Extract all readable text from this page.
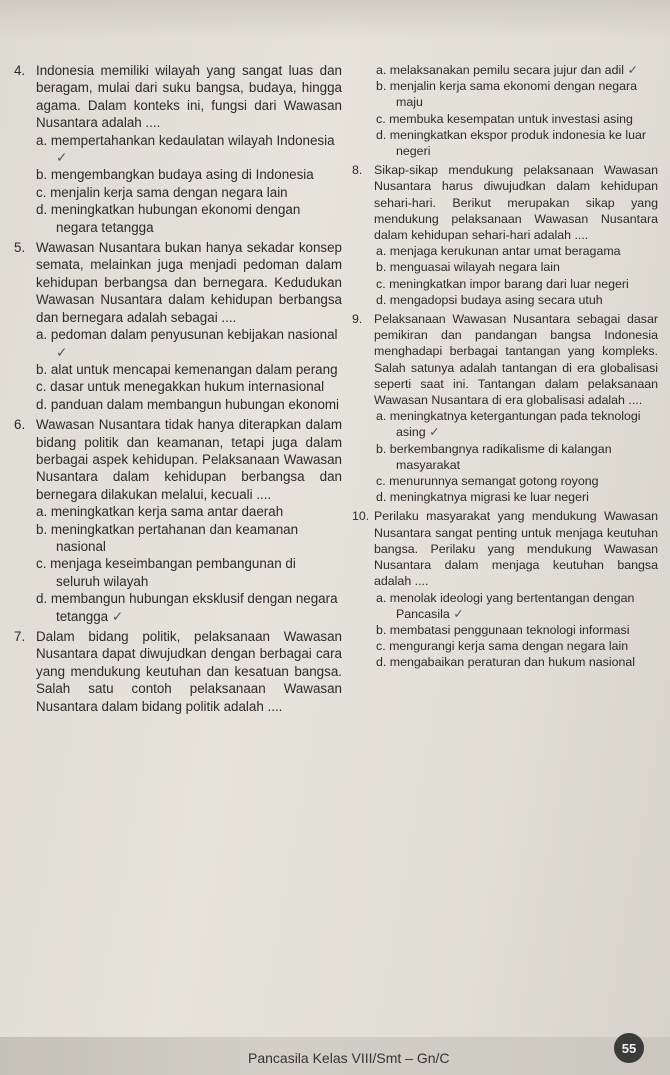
4. Indonesia memiliki wilayah yang sangat luas dan beragam, mulai dari suku bangsa, budaya, hingga agama. Dalam konteks ini, fungsi dari Wawasan Nusantara adalah ....
a. mempertahankan kedaulatan wilayah Indonesia ✓
b. mengembangkan budaya asing di Indonesia
c. menjalin kerja sama dengan negara lain
d. meningkatkan hubungan ekonomi dengan negara tetangga
5. Wawasan Nusantara bukan hanya sekadar konsep semata, melainkan juga menjadi pedoman dalam kehidupan berbangsa dan bernegara. Kedudukan Wawasan Nusantara dalam kehidupan berbangsa dan bernegara adalah sebagai ....
a. pedoman dalam penyusunan kebijakan nasional ✓
b. alat untuk mencapai kemenangan dalam perang
c. dasar untuk menegakkan hukum internasional
d. panduan dalam membangun hubungan ekonomi
6. Wawasan Nusantara tidak hanya diterapkan dalam bidang politik dan keamanan, tetapi juga dalam berbagai aspek kehidupan. Pelaksanaan Wawasan Nusantara dalam kehidupan berbangsa dan bernegara dilakukan melalui, kecuali ....
a. meningkatkan kerja sama antar daerah
b. meningkatkan pertahanan dan keamanan nasional
c. menjaga keseimbangan pembangunan di seluruh wilayah
d. membangun hubungan eksklusif dengan negara tetangga ✓
7. Dalam bidang politik, pelaksanaan Wawasan Nusantara dapat diwujudkan dengan berbagai cara yang mendukung keutuhan dan kesatuan bangsa. Salah satu contoh pelaksanaan Wawasan Nusantara dalam bidang politik adalah ....
a. melaksanakan pemilu secara jujur dan adil ✓
b. menjalin kerja sama ekonomi dengan negara maju
c. membuka kesempatan untuk investasi asing
d. meningkatkan ekspor produk indonesia ke luar negeri
8. Sikap-sikap mendukung pelaksanaan Wawasan Nusantara harus diwujudkan dalam kehidupan sehari-hari. Berikut merupakan sikap yang mendukung pelaksanaan Wawasan Nusantara dalam kehidupan sehari-hari adalah ....
a. menjaga kerukunan antar umat beragama
b. menguasai wilayah negara lain
c. meningkatkan impor barang dari luar negeri
d. mengadopsi budaya asing secara utuh
9. Pelaksanaan Wawasan Nusantara sebagai dasar pemikiran dan pandangan bangsa Indonesia menghadapi berbagai tantangan yang kompleks. Salah satunya adalah tantangan di era globalisasi seperti saat ini. Tantangan dalam pelaksanaan Wawasan Nusantara di era globalisasi adalah ....
a. meningkatnya ketergantungan pada teknologi asing ✓
b. berkembangnya radikalisme di kalangan masyarakat
c. menurunnya semangat gotong royong
d. meningkatnya migrasi ke luar negeri
10. Perilaku masyarakat yang mendukung Wawasan Nusantara sangat penting untuk menjaga keutuhan bangsa. Perilaku yang mendukung Wawasan Nusantara dalam menjaga keutuhan bangsa adalah ....
a. menolak ideologi yang bertentangan dengan Pancasila ✓
b. membatasi penggunaan teknologi informasi
c. mengurangi kerja sama dengan negara lain
d. mengabaikan peraturan dan hukum nasional
Pancasila Kelas VIII/Smt – Gn/C
55
